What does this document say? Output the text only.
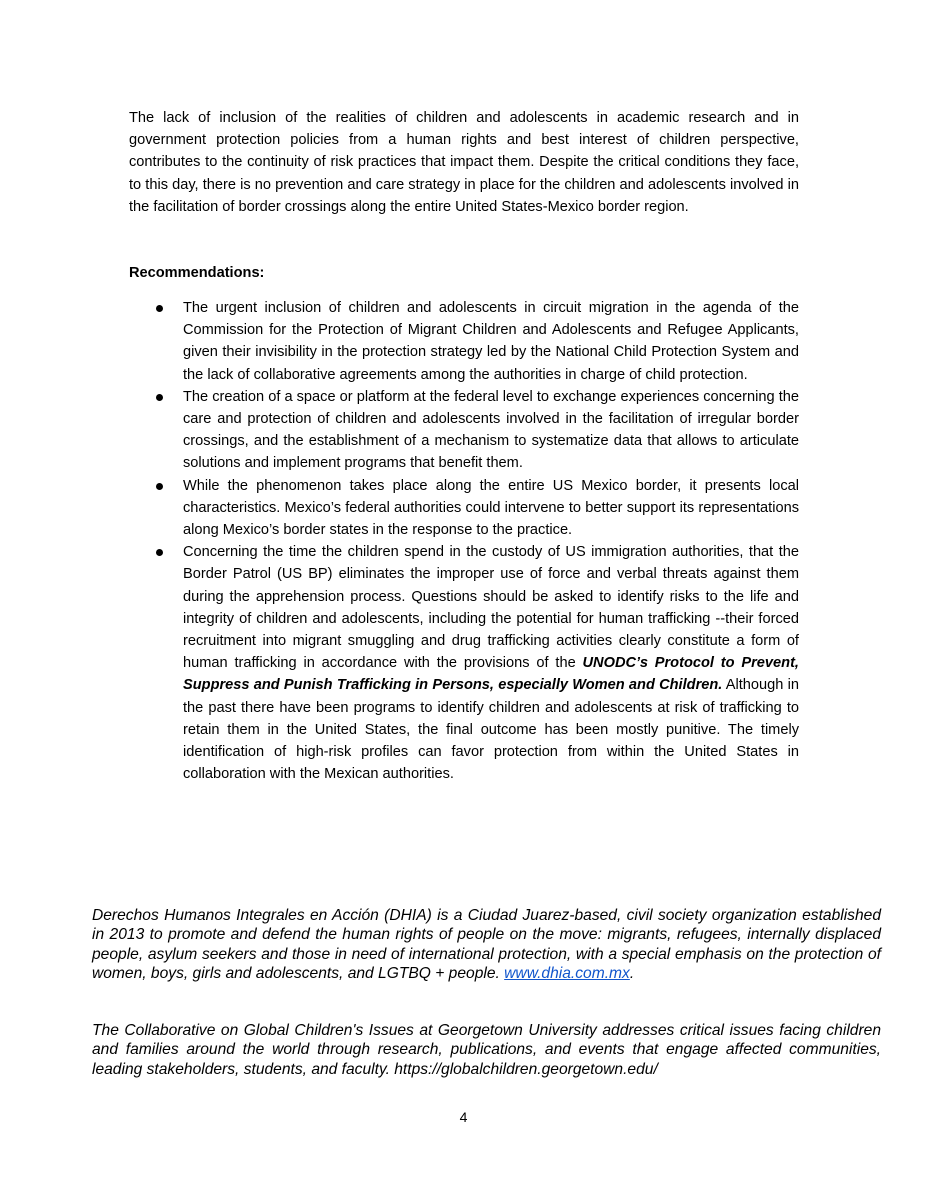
The lack of inclusion of the realities of children and adolescents in academic research and in government protection policies from a human rights and best interest of children perspective, contributes to the continuity of risk practices that impact them. Despite the critical conditions they face, to this day, there is no prevention and care strategy in place for the children and adolescents involved in the facilitation of border crossings along the entire United States-Mexico border region.

Recommendations:
The urgent inclusion of children and adolescents in circuit migration in the agenda of the Commission for the Protection of Migrant Children and Adolescents and Refugee Applicants, given their invisibility in the protection strategy led by the National Child Protection System and the lack of collaborative agreements among the authorities in charge of child protection.
The creation of a space or platform at the federal level to exchange experiences concerning the care and protection of children and adolescents involved in the facilitation of irregular border crossings, and the establishment of a mechanism to systematize data that allows to articulate solutions and implement programs that benefit them.
While the phenomenon takes place along the entire US Mexico border, it presents local characteristics. Mexico’s federal authorities could intervene to better support its representations along Mexico’s border states in the response to the practice.
Concerning the time the children spend in the custody of US immigration authorities, that the Border Patrol (US BP) eliminates the improper use of force and verbal threats against them during the apprehension process. Questions should be asked to identify risks to the life and integrity of children and adolescents, including the potential for human trafficking --their forced recruitment into migrant smuggling and drug trafficking activities clearly constitute a form of human trafficking in accordance with the provisions of the UNODC’s Protocol to Prevent, Suppress and Punish Trafficking in Persons, especially Women and Children. Although in the past there have been programs to identify children and adolescents at risk of trafficking to retain them in the United States, the final outcome has been mostly punitive. The timely identification of high-risk profiles can favor protection from within the United States in collaboration with the Mexican authorities.

Derechos Humanos Integrales en Acción (DHIA) is a Ciudad Juarez-based, civil society organization established in 2013 to promote and defend the human rights of people on the move: migrants, refugees, internally displaced people, asylum seekers and those in need of international protection, with a special emphasis on the protection of women, boys, girls and adolescents, and LGTBQ + people. www.dhia.com.mx.

The Collaborative on Global Children's Issues at Georgetown University addresses critical issues facing children and families around the world through research, publications, and events that engage affected communities, leading stakeholders, students, and faculty. https://globalchildren.georgetown.edu/

4
